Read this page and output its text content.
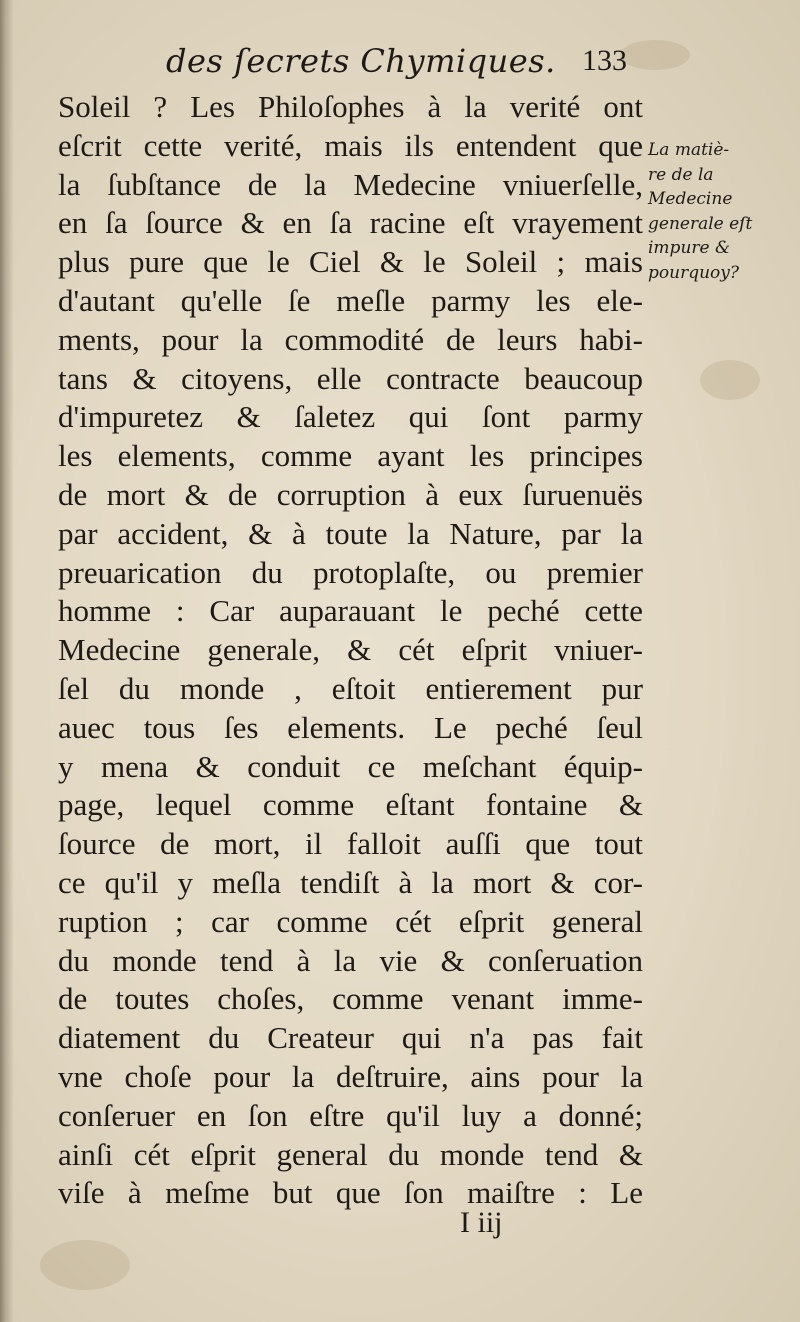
des ſecrets Chymiques. 133
Soleil ? Les Philoſophes à la verité ont
eſcrit cette verité, mais ils entendent que
la ſubſtance de la Medecine vniuerſelle,
en ſa ſource & en ſa racine eſt vrayement
plus pure que le Ciel & le Soleil ; mais
d'autant qu'elle ſe meſle parmy les ele-
ments, pour la commodité de leurs habi-
tans & citoyens, elle contracte beaucoup
d'impuretez & ſaletez qui ſont parmy
les elements, comme ayant les principes
de mort & de corruption à eux ſuruenuës
par accident, & à toute la Nature, par la
preuarication du protoplaſte, ou premier
homme : Car auparauant le peché cette
Medecine generale, & cét eſprit vniuer-
ſel du monde , eſtoit entierement pur
auec tous ſes elements. Le peché ſeul
y mena & conduit ce meſchant équip-
page, lequel comme eſtant fontaine &
ſource de mort, il falloit auſſi que tout
ce qu'il y meſla tendiſt à la mort & cor-
ruption ; car comme cét eſprit general
du monde tend à la vie & conſeruation
de toutes choſes, comme venant imme-
diatement du Createur qui n'a pas fait
vne choſe pour la deſtruire, ains pour la
conſeruer en ſon eſtre qu'il luy a donné;
ainſi cét eſprit general du monde tend &
viſe à meſme but que ſon maiſtre : Le
La matiè-
re de la
Medecine
generale eſt
impure &
pourquoy?
I iij
